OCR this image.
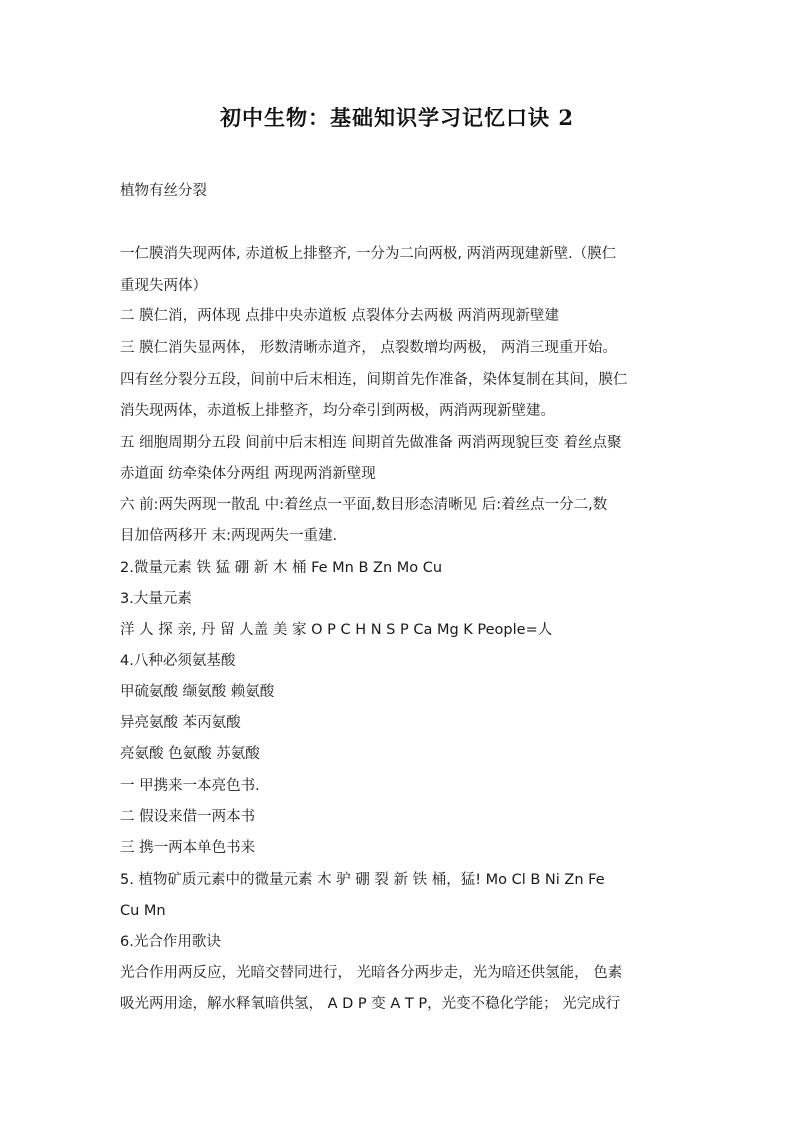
初中生物：基础知识学习记忆口诀 2
植物有丝分裂
一仁膜消失现两体, 赤道板上排整齐, 一分为二向两极, 两消两现建新壁.（膜仁
重现失两体）
二 膜仁消，两体现 点排中央赤道板 点裂体分去两极 两消两现新壁建
三 膜仁消失显两体， 形数清晰赤道齐， 点裂数增均两极， 两消三现重开始。
四有丝分裂分五段，间前中后末相连，间期首先作准备，染体复制在其间，膜仁
消失现两体，赤道板上排整齐，均分牵引到两极，两消两现新壁建。
五 细胞周期分五段 间前中后末相连 间期首先做准备 两消两现貌巨变 着丝点聚
赤道面 纺牵染体分两组 两现两消新壁现
六 前:两失两现一散乱 中:着丝点一平面,数目形态清晰见 后:着丝点一分二,数
目加倍两移开 末:两现两失一重建.
2.微量元素 铁 猛 硼 新 木 桶 Fe Mn B Zn Mo Cu
3.大量元素
洋 人 探 亲, 丹 留 人盖 美 家 O P C H N S P Ca Mg K People=人
4.八种必须氨基酸
甲硫氨酸 缬氨酸 赖氨酸
异亮氨酸 苯丙氨酸
亮氨酸 色氨酸 苏氨酸
一 甲携来一本亮色书.
二 假设来借一两本书
三 携一两本单色书来
5. 植物矿质元素中的微量元素 木 驴 硼 裂 新 铁 桶，猛! Mo Cl B Ni Zn Fe
Cu Mn
6.光合作用歌诀
光合作用两反应，光暗交替同进行， 光暗各分两步走，光为暗还供氢能， 色素
吸光两用途，解水释氧暗供氢， A D P 变 A T P，光变不稳化学能； 光完成行
